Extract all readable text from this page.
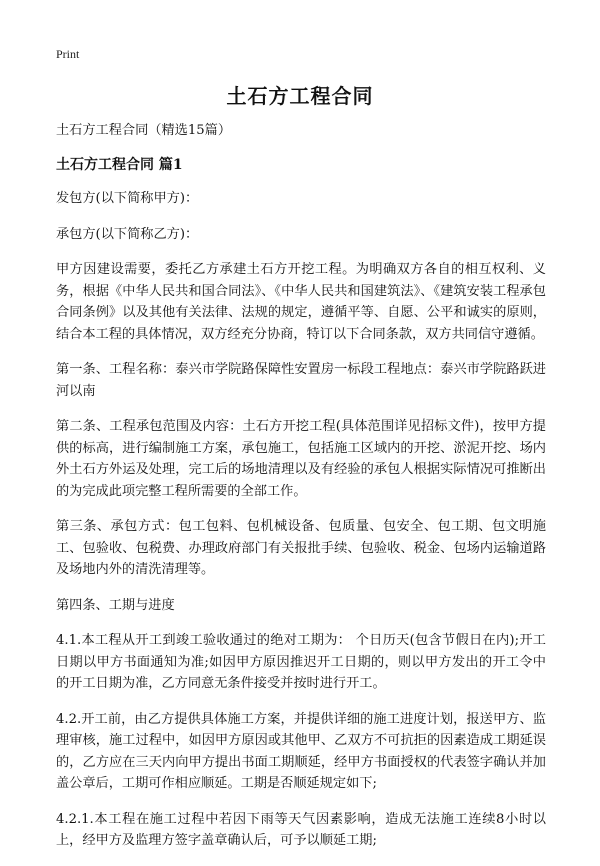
Print
土石方工程合同

土石方工程合同（精选15篇）

土石方工程合同 篇1

发包方(以下简称甲方)：

承包方(以下简称乙方)：

甲方因建设需要，委托乙方承建土石方开挖工程。为明确双方各自的相互权利、义务，根据《中华人民共和国合同法》、《中华人民共和国建筑法》、《建筑安装工程承包合同条例》以及其他有关法律、法规的规定，遵循平等、自愿、公平和诚实的原则，结合本工程的具体情况，双方经充分协商，特订以下合同条款，双方共同信守遵循。

第一条、工程名称：泰兴市学院路保障性安置房一标段工程地点：泰兴市学院路跃进河以南

第二条、工程承包范围及内容：土石方开挖工程(具体范围详见招标文件)，按甲方提供的标高，进行编制施工方案，承包施工，包括施工区域内的开挖、淤泥开挖、场内外土石方外运及处理，完工后的场地清理以及有经验的承包人根据实际情况可推断出的为完成此项完整工程所需要的全部工作。

第三条、承包方式：包工包料、包机械设备、包质量、包安全、包工期、包文明施工、包验收、包税费、办理政府部门有关报批手续、包验收、税金、包场内运输道路及场地内外的清洗清理等。

第四条、工期与进度

4.1.本工程从开工到竣工验收通过的绝对工期为： 个日历天(包含节假日在内);开工日期以甲方书面通知为准;如因甲方原因推迟开工日期的，则以甲方发出的开工令中的开工日期为准，乙方同意无条件接受并按时进行开工。

4.2.开工前，由乙方提供具体施工方案，并提供详细的施工进度计划，报送甲方、监理审核，施工过程中，如因甲方原因或其他甲、乙双方不可抗拒的因素造成工期延误的，乙方应在三天内向甲方提出书面工期顺延，经甲方书面授权的代表签字确认并加盖公章后，工期可作相应顺延。工期是否顺延规定如下;

4.2.1.本工程在施工过程中若因下雨等天气因素影响，造成无法施工连续8小时以上，经甲方及监理方签字盖章确认后，可予以顺延工期;
